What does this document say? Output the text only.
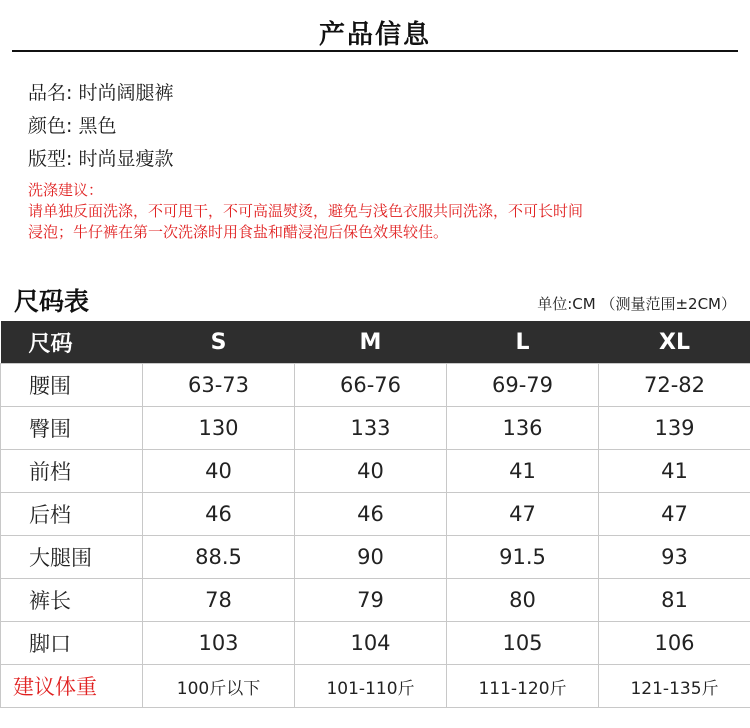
产品信息
品名: 时尚阔腿裤
颜色: 黑色
版型: 时尚显瘦款
洗涤建议：
请单独反面洗涤，不可甩干，不可高温熨烫，避免与浅色衣服共同洗涤，不可长时间
浸泡；牛仔裤在第一次洗涤时用食盐和醋浸泡后保色效果较佳。
尺码表	单位:CM （测量范围±2CM）
尺码	S	M	L	XL
腰围	63-73	66-76	69-79	72-82
臀围	130	133	136	139
前档	40	40	41	41
后档	46	46	47	47
大腿围	88.5	90	91.5	93
裤长	78	79	80	81
脚口	103	104	105	106
建议体重	100斤以下	101-110斤	111-120斤	121-135斤
